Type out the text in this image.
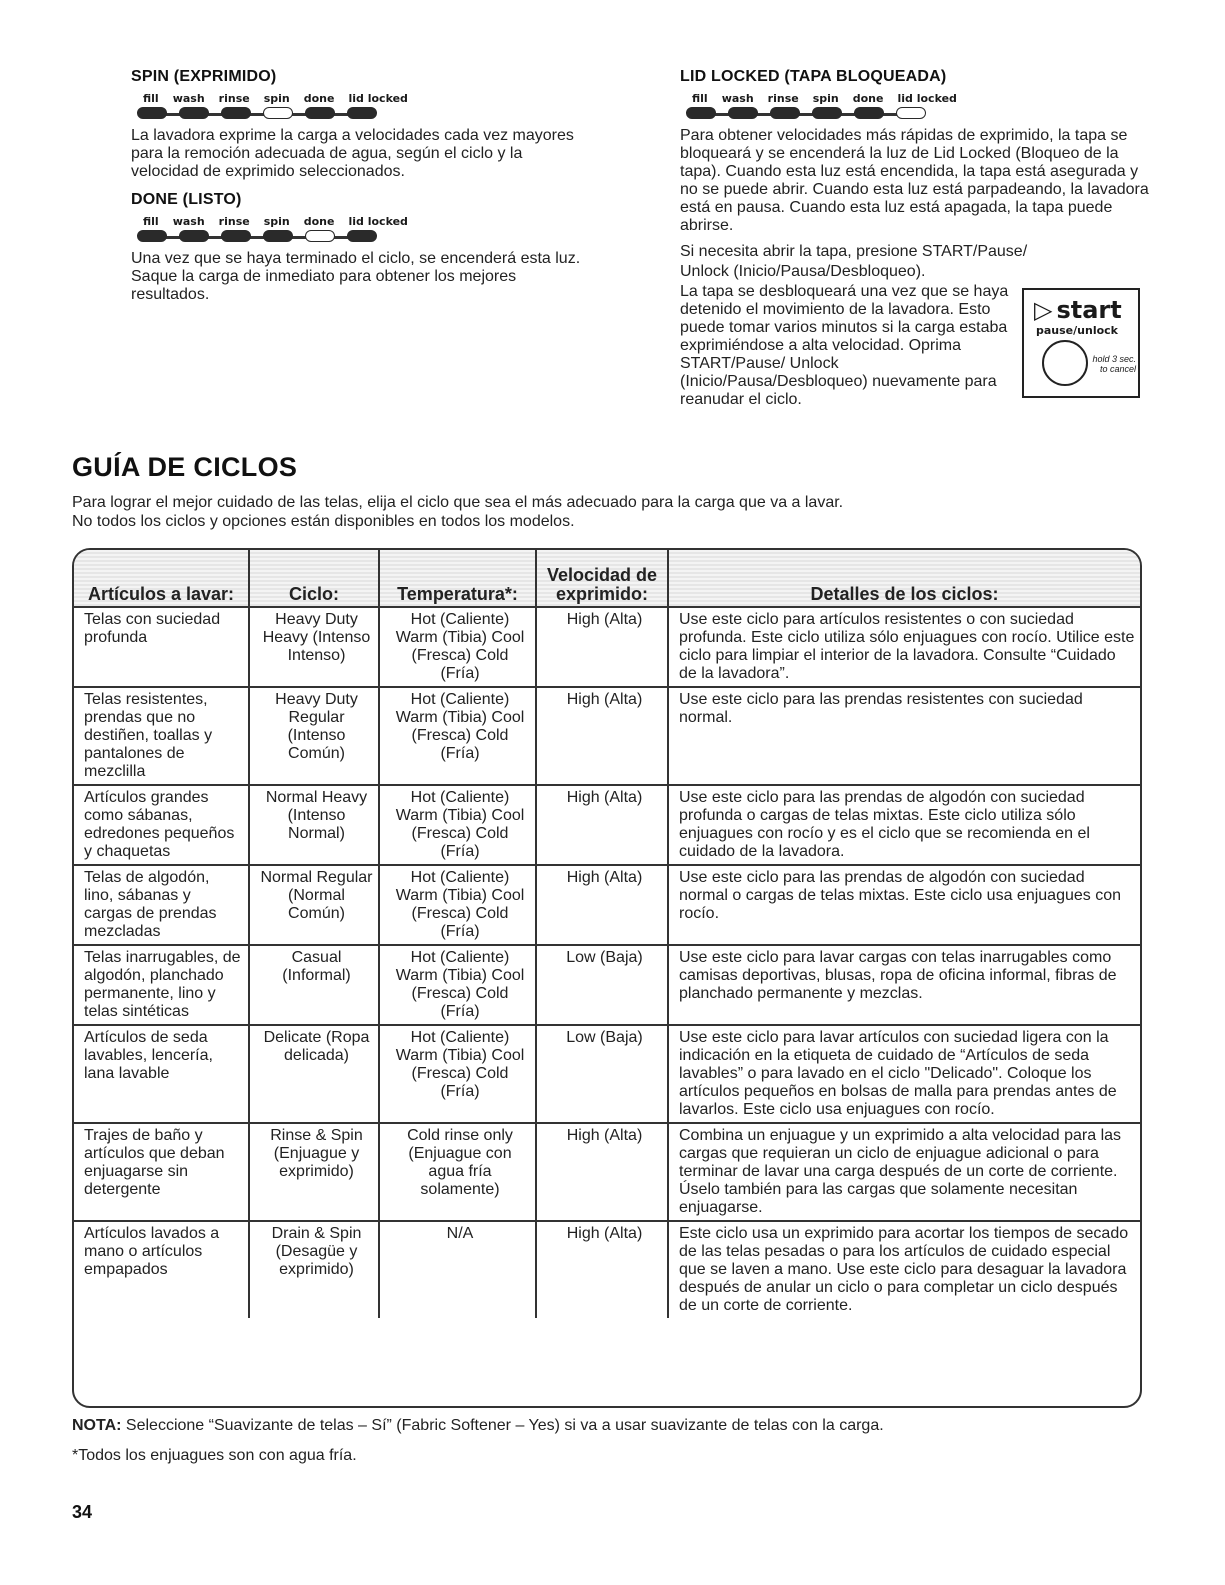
SPIN (EXPRIMIDO)
fill wash rinse spin done lid locked

La lavadora exprime la carga a velocidades cada vez mayores para la remoción adecuada de agua, según el ciclo y la velocidad de exprimido seleccionados.

DONE (LISTO)
fill wash rinse spin done lid locked

Una vez que se haya terminado el ciclo, se encenderá esta luz. Saque la carga de inmediato para obtener los mejores resultados.

LID LOCKED (TAPA BLOQUEADA)
fill wash rinse spin done lid locked

Para obtener velocidades más rápidas de exprimido, la tapa se bloqueará y se encenderá la luz de Lid Locked (Bloqueo de la tapa). Cuando esta luz está encendida, la tapa está asegurada y no se puede abrir. Cuando esta luz está parpadeando, la lavadora está en pausa. Cuando esta luz está apagada, la tapa puede abrirse.

Si necesita abrir la tapa, presione START/Pause/

Unlock (Inicio/Pausa/Desbloqueo).

La tapa se desbloqueará una vez que se haya detenido el movimiento de la lavadora. Esto puede tomar varios minutos si la carga estaba exprimiéndose a alta velocidad. Oprima START/Pause/ Unlock (Inicio/Pausa/Desbloqueo) nuevamente para reanudar el ciclo.

▷ start
pause/unlock
hold 3 sec.
to cancel
GUÍA DE CICLOS
Para lograr el mejor cuidado de las telas, elija el ciclo que sea el más adecuado para la carga que va a lavar.
No todos los ciclos y opciones están disponibles en todos los modelos.
Artículos a lavar:	Ciclo:	Temperatura*:	Velocidad de exprimido:	Detalles de los ciclos:
Telas con suciedad profunda	Heavy Duty Heavy (Intenso Intenso)	Hot (Caliente) Warm (Tibia) Cool (Fresca) Cold (Fría)	High (Alta)	Use este ciclo para artículos resistentes o con suciedad profunda. Este ciclo utiliza sólo enjuagues con rocío. Utilice este ciclo para limpiar el interior de la lavadora. Consulte “Cuidado de la lavadora”.
Telas resistentes, prendas que no destiñen, toallas y pantalones de mezclilla	Heavy Duty Regular (Intenso Común)	Hot (Caliente) Warm (Tibia) Cool (Fresca) Cold (Fría)	High (Alta)	Use este ciclo para las prendas resistentes con suciedad normal.
Artículos grandes como sábanas, edredones pequeños y chaquetas	Normal Heavy (Intenso Normal)	Hot (Caliente) Warm (Tibia) Cool (Fresca) Cold (Fría)	High (Alta)	Use este ciclo para las prendas de algodón con suciedad profunda o cargas de telas mixtas. Este ciclo utiliza sólo enjuagues con rocío y es el ciclo que se recomienda en el cuidado de la lavadora.
Telas de algodón, lino, sábanas y cargas de prendas mezcladas	Normal Regular (Normal Común)	Hot (Caliente) Warm (Tibia) Cool (Fresca) Cold (Fría)	High (Alta)	Use este ciclo para las prendas de algodón con suciedad normal o cargas de telas mixtas. Este ciclo usa enjuagues con rocío.
Telas inarrugables, de algodón, planchado permanente, lino y telas sintéticas	Casual (Informal)	Hot (Caliente) Warm (Tibia) Cool (Fresca) Cold (Fría)	Low (Baja)	Use este ciclo para lavar cargas con telas inarrugables como camisas deportivas, blusas, ropa de oficina informal, fibras de planchado permanente y mezclas.
Artículos de seda lavables, lencería, lana lavable	Delicate (Ropa delicada)	Hot (Caliente) Warm (Tibia) Cool (Fresca) Cold (Fría)	Low (Baja)	Use este ciclo para lavar artículos con suciedad ligera con la indicación en la etiqueta de cuidado de “Artículos de seda lavables” o para lavado en el ciclo "Delicado". Coloque los artículos pequeños en bolsas de malla para prendas antes de lavarlos. Este ciclo usa enjuagues con rocío.
Trajes de baño y artículos que deban enjuagarse sin detergente	Rinse & Spin (Enjuague y exprimido)	Cold rinse only (Enjuague con agua fría solamente)	High (Alta)	Combina un enjuague y un exprimido a alta velocidad para las cargas que requieran un ciclo de enjuague adicional o para terminar de lavar una carga después de un corte de corriente. Úselo también para las cargas que solamente necesitan enjuagarse.
Artículos lavados a mano o artículos empapados	Drain & Spin (Desagüe y exprimido)	N/A	High (Alta)	Este ciclo usa un exprimido para acortar los tiempos de secado de las telas pesadas o para los artículos de cuidado especial que se laven a mano. Use este ciclo para desaguar la lavadora después de anular un ciclo o para completar un ciclo después de un corte de corriente.
NOTA: Seleccione “Suavizante de telas – Sí” (Fabric Softener – Yes) si va a usar suavizante de telas con la carga.
*Todos los enjuagues son con agua fría.
34
